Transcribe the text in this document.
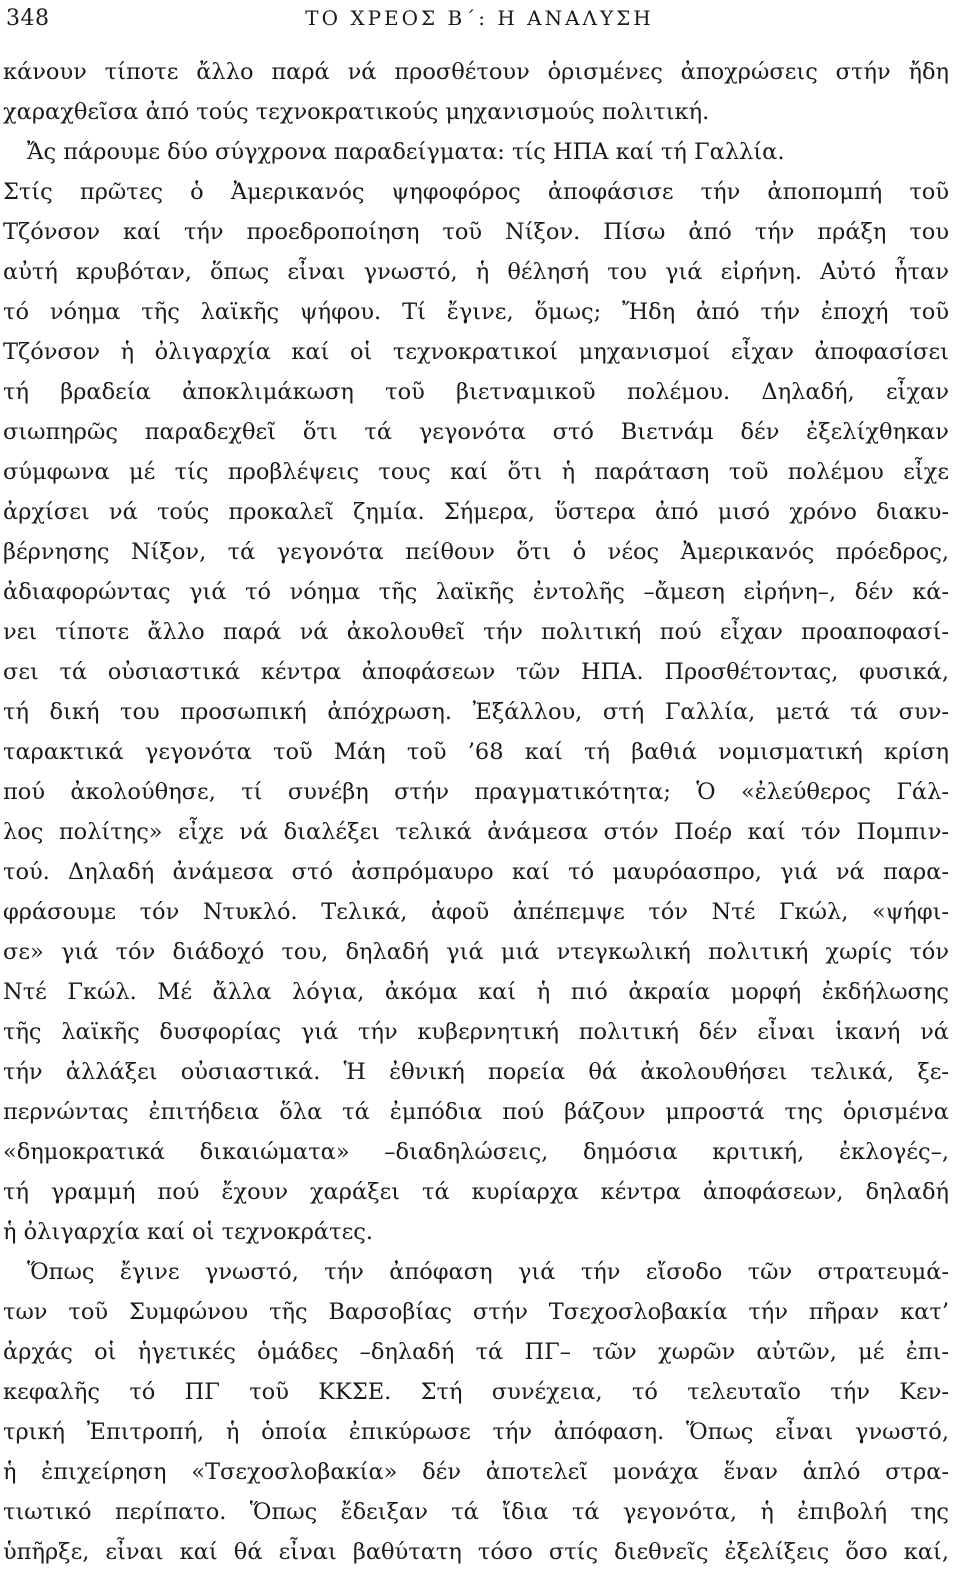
348	ΤΟ ΧΡΕΟΣ Β΄: Η ΑΝΑΛΥΣΗ
κάνουν τίποτε ἄλλο παρά νά προσθέτουν ὁρισμένες ἀποχρώσεις στήν ἤδη
χαραχθεῖσα ἀπό τούς τεχνοκρατικούς μηχανισμούς πολιτική.
Ἄς πάρουμε δύο σύγχρονα παραδείγματα: τίς ΗΠΑ καί τή Γαλλία.
Στίς πρῶτες ὁ Ἀμερικανός ψηφοφόρος ἀποφάσισε τήν ἀποπομπή τοῦ
Τζόνσον καί τήν προεδροποίηση τοῦ Νίξον. Πίσω ἀπό τήν πράξη του
αὐτή κρυβόταν, ὅπως εἶναι γνωστό, ἡ θέλησή του γιά εἰρήνη. Αὐτό ἦταν
τό νόημα τῆς λαϊκῆς ψήφου. Τί ἔγινε, ὅμως; Ἤδη ἀπό τήν ἐποχή τοῦ
Τζόνσον ἡ ὀλιγαρχία καί οἱ τεχνοκρατικοί μηχανισμοί εἶχαν ἀποφασίσει
τή βραδεία ἀποκλιμάκωση τοῦ βιετναμικοῦ πολέμου. Δηλαδή, εἶχαν
σιωπηρῶς παραδεχθεῖ ὅτι τά γεγονότα στό Βιετνάμ δέν ἐξελίχθηκαν
σύμφωνα μέ τίς προβλέψεις τους καί ὅτι ἡ παράταση τοῦ πολέμου εἶχε
ἀρχίσει νά τούς προκαλεῖ ζημία. Σήμερα, ὕστερα ἀπό μισό χρόνο διακυ-
βέρνησης Νίξον, τά γεγονότα πείθουν ὅτι ὁ νέος Ἀμερικανός πρόεδρος,
ἀδιαφορώντας γιά τό νόημα τῆς λαϊκῆς ἐντολῆς –ἄμεση εἰρήνη–, δέν κά-
νει τίποτε ἄλλο παρά νά ἀκολουθεῖ τήν πολιτική πού εἶχαν προαποφασί-
σει τά οὐσιαστικά κέντρα ἀποφάσεων τῶν ΗΠΑ. Προσθέτοντας, φυσικά,
τή δική του προσωπική ἀπόχρωση. Ἐξάλλου, στή Γαλλία, μετά τά συν-
ταρακτικά γεγονότα τοῦ Μάη τοῦ ’68 καί τή βαθιά νομισματική κρίση
πού ἀκολούθησε, τί συνέβη στήν πραγματικότητα; Ὁ «ἐλεύθερος Γάλ-
λος πολίτης» εἶχε νά διαλέξει τελικά ἀνάμεσα στόν Ποέρ καί τόν Πομπιν-
τού. Δηλαδή ἀνάμεσα στό ἀσπρόμαυρο καί τό μαυρόασπρο, γιά νά παρα-
φράσουμε τόν Ντυκλό. Τελικά, ἀφοῦ ἀπέπεμψε τόν Ντέ Γκώλ, «ψήφι-
σε» γιά τόν διάδοχό του, δηλαδή γιά μιά ντεγκωλική πολιτική χωρίς τόν
Ντέ Γκώλ. Μέ ἄλλα λόγια, ἀκόμα καί ἡ πιό ἀκραία μορφή ἐκδήλωσης
τῆς λαϊκῆς δυσφορίας γιά τήν κυβερνητική πολιτική δέν εἶναι ἱκανή νά
τήν ἀλλάξει οὐσιαστικά. Ἡ ἐθνική πορεία θά ἀκολουθήσει τελικά, ξε-
περνώντας ἐπιτήδεια ὅλα τά ἐμπόδια πού βάζουν μπροστά της ὁρισμένα
«δημοκρατικά δικαιώματα» –διαδηλώσεις, δημόσια κριτική, ἐκλογές–,
τή γραμμή πού ἔχουν χαράξει τά κυρίαρχα κέντρα ἀποφάσεων, δηλαδή
ἡ ὀλιγαρχία καί οἱ τεχνοκράτες.
Ὅπως ἔγινε γνωστό, τήν ἀπόφαση γιά τήν εἴσοδο τῶν στρατευμά-
των τοῦ Συμφώνου τῆς Βαρσοβίας στήν Τσεχοσλοβακία τήν πῆραν κατ’
ἀρχάς οἱ ἡγετικές ὁμάδες –δηλαδή τά ΠΓ– τῶν χωρῶν αὐτῶν, μέ ἐπι-
κεφαλῆς τό ΠΓ τοῦ ΚΚΣΕ. Στή συνέχεια, τό τελευταῖο τήν Κεν-
τρική Ἐπιτροπή, ἡ ὁποία ἐπικύρωσε τήν ἀπόφαση. Ὅπως εἶναι γνωστό,
ἡ ἐπιχείρηση «Τσεχοσλοβακία» δέν ἀποτελεῖ μονάχα ἕναν ἁπλό στρα-
τιωτικό περίπατο. Ὅπως ἔδειξαν τά ἴδια τά γεγονότα, ἡ ἐπιβολή της
ὑπῆρξε, εἶναι καί θά εἶναι βαθύτατη τόσο στίς διεθνεῖς ἐξελίξεις ὅσο καί,
